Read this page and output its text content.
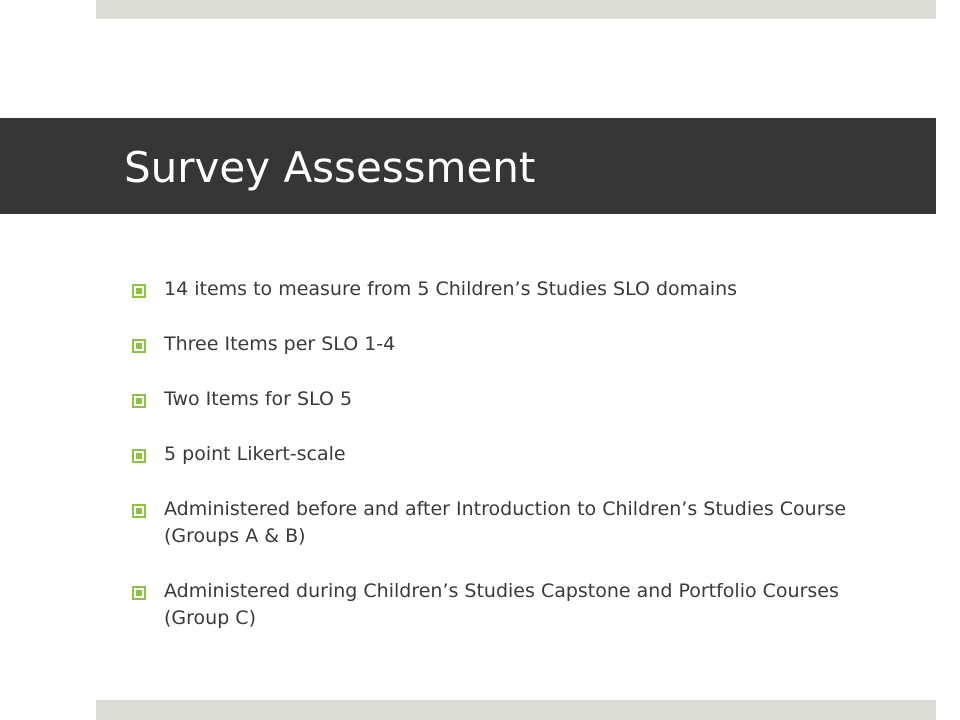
Survey Assessment
14 items to measure from 5 Children’s Studies SLO domains
Three Items per SLO 1-4
Two Items for SLO 5
5 point Likert-scale
Administered before and after Introduction to Children’s Studies Course (Groups A & B)
Administered during Children’s Studies Capstone and Portfolio Courses (Group C)
